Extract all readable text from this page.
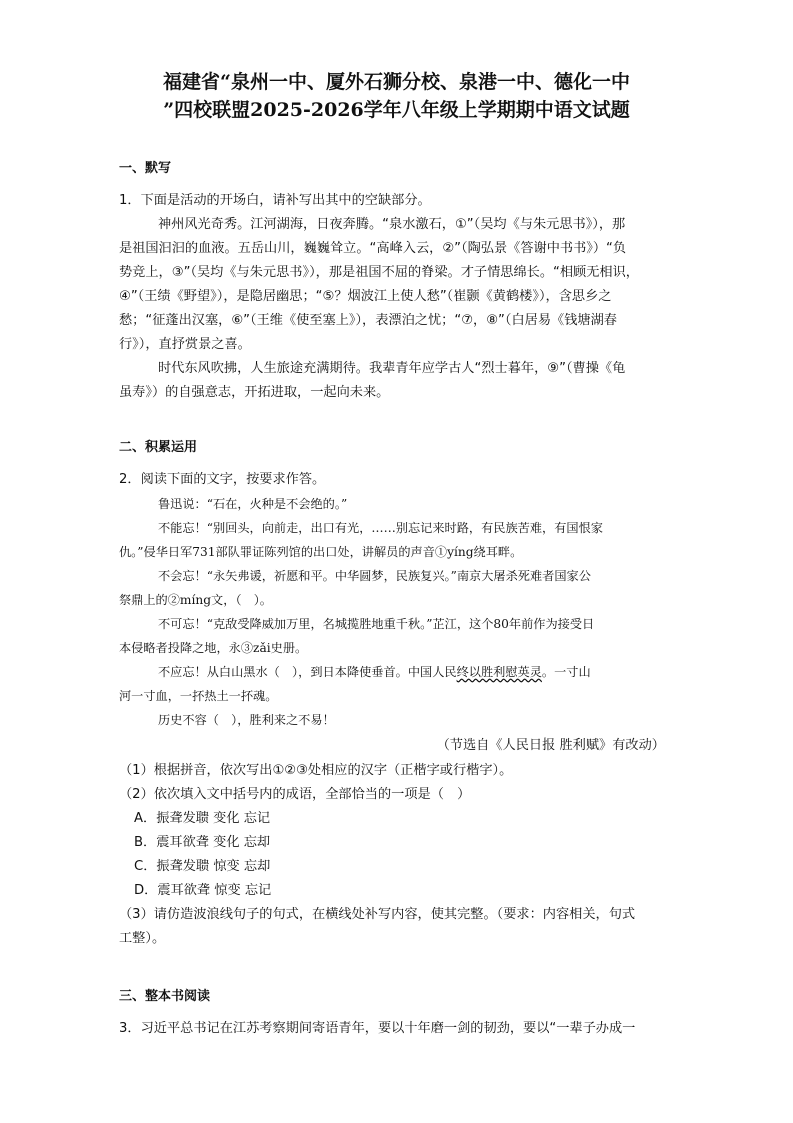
福建省“泉州一中、厦外石狮分校、泉港一中、德化一中
”四校联盟2025-2026学年八年级上学期期中语文试题
一、默写
1．下面是活动的开场白，请补写出其中的空缺部分。
神州风光奇秀。江河湖海，日夜奔腾。“泉水激石，①”（吴均《与朱元思书》），那
是祖国汩汩的血液。五岳山川，巍巍耸立。“高峰入云，②”（陶弘景《答谢中书书》）“负
势竞上，③”（吴均《与朱元思书》），那是祖国不屈的脊梁。才子情思绵长。“相顾无相识，
④”（王绩《野望》），是隐居幽思；“⑤？烟波江上使人愁”（崔颢《黄鹤楼》），含思乡之
愁；“征蓬出汉塞，⑥”（王维《使至塞上》），表漂泊之忧；“⑦，⑧”（白居易《钱塘湖春
行》），直抒赏景之喜。
时代东风吹拂，人生旅途充满期待。我辈青年应学古人“烈士暮年，⑨”（曹操《龟
虽寿》）的自强意志，开拓进取，一起向未来。
二、积累运用
2．阅读下面的文字，按要求作答。
鲁迅说：“石在，火种是不会绝的。”
不能忘！“别回头，向前走，出口有光，……别忘记来时路，有民族苦难，有国恨家
仇。”侵华日军731部队罪证陈列馆的出口处，讲解员的声音①yíng绕耳畔。
不会忘！“永矢弗谖，祈愿和平。中华圆梦，民族复兴。”南京大屠杀死难者国家公
祭鼎上的②míng文，（　）。
不可忘！“克敌受降威加万里，名城揽胜地重千秋。”芷江，这个80年前作为接受日
本侵略者投降之地，永③zǎi史册。
不应忘！从白山黑水（　），到日本降使垂首。中国人民终以胜利慰英灵。一寸山
河一寸血，一抔热土一抔魂。
历史不容（　），胜利来之不易！
（节选自《人民日报 胜利赋》有改动）
（1）根据拼音，依次写出①②③处相应的汉字（正楷字或行楷字）。
（2）依次填入文中括号内的成语，全部恰当的一项是（　）
A．振聋发聩 变化 忘记
B．震耳欲聋 变化 忘却
C．振聋发聩 惊变 忘却
D．震耳欲聋 惊变 忘记
（3）请仿造波浪线句子的句式，在横线处补写内容，使其完整。（要求：内容相关，句式
工整）。
三、整本书阅读
3．习近平总书记在江苏考察期间寄语青年，要以十年磨一剑的韧劲，要以“一辈子办成一
